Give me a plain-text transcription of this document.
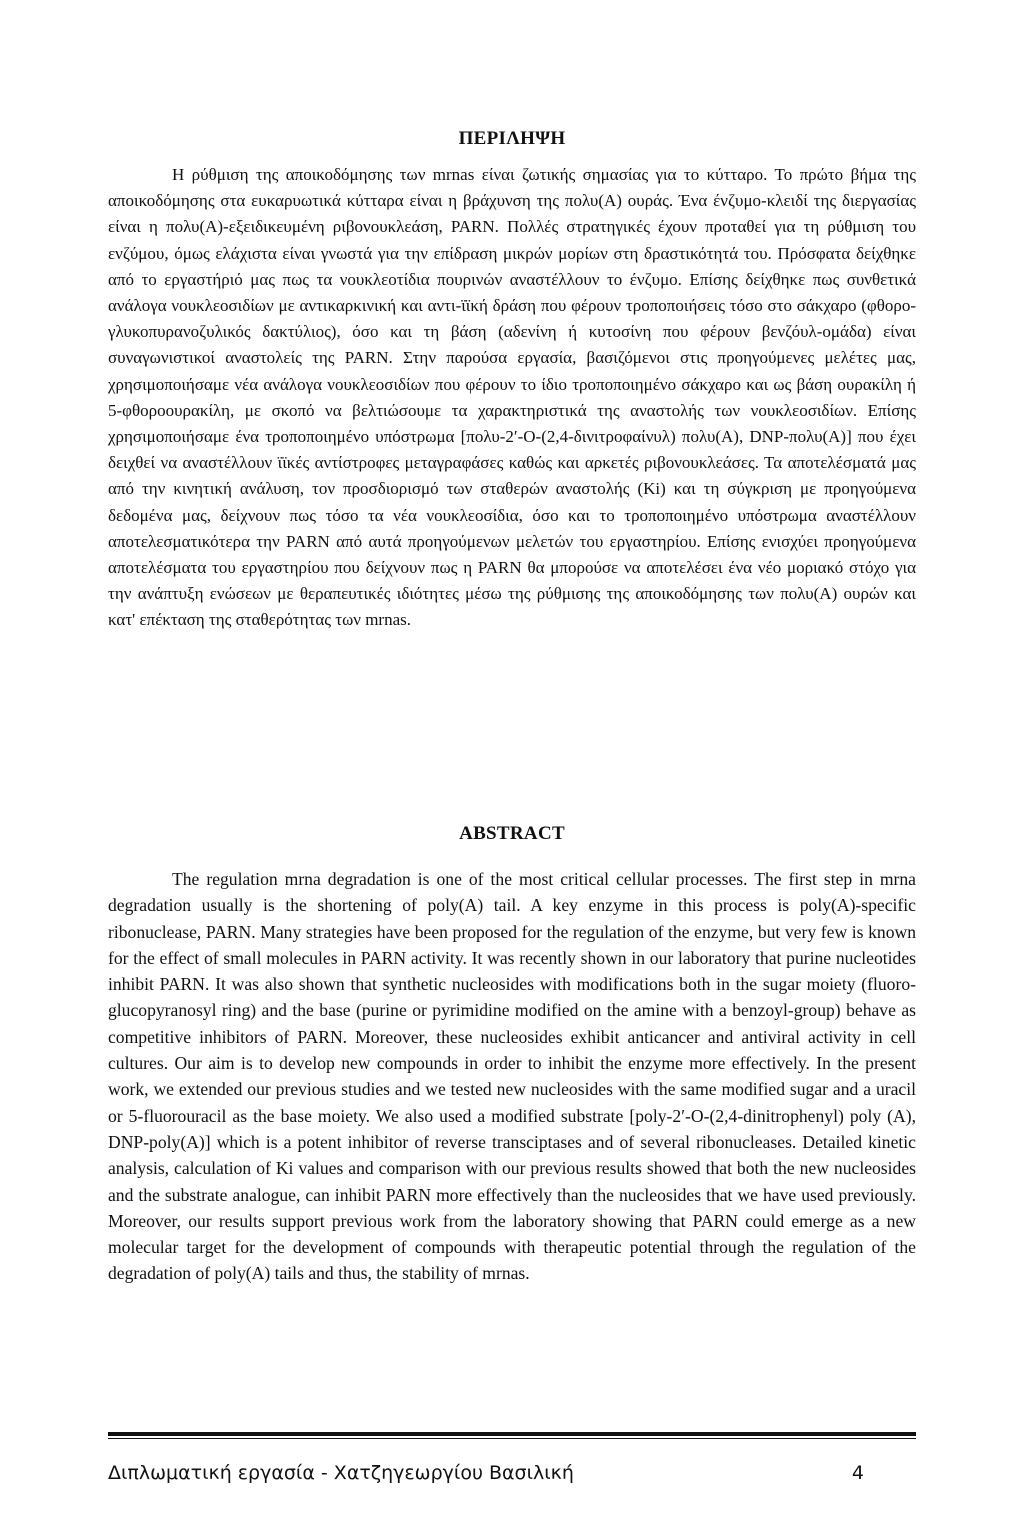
ΠΕΡΙΛΗΨΗ
Η ρύθμιση της αποικοδόμησης των mrnas είναι ζωτικής σημασίας για το κύτταρο. Το πρώτο βήμα της αποικοδόμησης στα ευκαρυωτικά κύτταρα είναι η βράχυνση της πολυ(Α) ουράς. Ένα ένζυμο-κλειδί της διεργασίας είναι η πολυ(Α)-εξειδικευμένη ριβονουκλεάση, PARN. Πολλές στρατηγικές έχουν προταθεί για τη ρύθμιση του ενζύμου, όμως ελάχιστα είναι γνωστά για την επίδραση μικρών μορίων στη δραστικότητά του. Πρόσφατα δείχθηκε από το εργαστήριό μας πως τα νουκλεοτίδια πουρινών αναστέλλουν το ένζυμο. Επίσης δείχθηκε πως συνθετικά ανάλογα νουκλεοσιδίων με αντικαρκινική και αντι-ϊϊκή δράση που φέρουν τροποποιήσεις τόσο στο σάκχαρο (φθορο-γλυκοπυρανοζυλικός δακτύλιος), όσο και τη βάση (αδενίνη ή κυτοσίνη που φέρουν βενζόυλ-ομάδα) είναι συναγωνιστικοί αναστολείς της PARN. Στην παρούσα εργασία, βασιζόμενοι στις προηγούμενες μελέτες μας, χρησιμοποιήσαμε νέα ανάλογα νουκλεοσιδίων που φέρουν το ίδιο τροποποιημένο σάκχαρο και ως βάση ουρακίλη ή 5-φθοροουρακίλη, με σκοπό να βελτιώσουμε τα χαρακτηριστικά της αναστολής των νουκλεοσιδίων. Επίσης χρησιμοποιήσαμε ένα τροποποιημένο υπόστρωμα [πολυ-2′-Ο-(2,4-δινιτροφαίνυλ) πολυ(Α), DNP-πολυ(Α)] που έχει δειχθεί να αναστέλλουν ϊϊκές αντίστροφες μεταγραφάσες καθώς και αρκετές ριβονουκλεάσες. Τα αποτελέσματά μας από την κινητική ανάλυση, τον προσδιορισμό των σταθερών αναστολής (Κi) και τη σύγκριση με προηγούμενα δεδομένα μας, δείχνουν πως τόσο τα νέα νουκλεοσίδια, όσο και το τροποποιημένο υπόστρωμα αναστέλλουν αποτελεσματικότερα την PARN από αυτά προηγούμενων μελετών του εργαστηρίου. Επίσης ενισχύει προηγούμενα αποτελέσματα του εργαστηρίου που δείχνουν πως η PARN θα μπορούσε να αποτελέσει ένα νέο μοριακό στόχο για την ανάπτυξη ενώσεων με θεραπευτικές ιδιότητες μέσω της ρύθμισης της αποικοδόμησης των πολυ(Α) ουρών και κατ' επέκταση της σταθερότητας των mrnas.
ABSTRACT
The regulation mrna degradation is one of the most critical cellular processes. The first step in mrna degradation usually is the shortening of poly(A) tail. A key enzyme in this process is poly(A)-specific ribonuclease, PARN. Many strategies have been proposed for the regulation of the enzyme, but very few is known for the effect of small molecules in PARN activity. It was recently shown in our laboratory that purine nucleotides inhibit PARN. It was also shown that synthetic nucleosides with modifications both in the sugar moiety (fluoro-glucopyranosyl ring) and the base (purine or pyrimidine modified on the amine with a benzoyl-group) behave as competitive inhibitors of PARN. Moreover, these nucleosides exhibit anticancer and antiviral activity in cell cultures. Our aim is to develop new compounds in order to inhibit the enzyme more effectively. In the present work, we extended our previous studies and we tested new nucleosides with the same modified sugar and a uracil or 5-fluorouracil as the base moiety. We also used a modified substrate [poly-2′-O-(2,4-dinitrophenyl) poly (A), DNP-poly(A)] which is a potent inhibitor of reverse transciptases and of several ribonucleases. Detailed kinetic analysis, calculation of Ki values and comparison with our previous results showed that both the new nucleosides and the substrate analogue, can inhibit PARN more effectively than the nucleosides that we have used previously. Moreover, our results support previous work from the laboratory showing that PARN could emerge as a new molecular target for the development of compounds with therapeutic potential through the regulation of the degradation of poly(A) tails and thus, the stability of mrnas.
Διπλωματική εργασία - Χατζηγεωργίου Βασιλική	4
